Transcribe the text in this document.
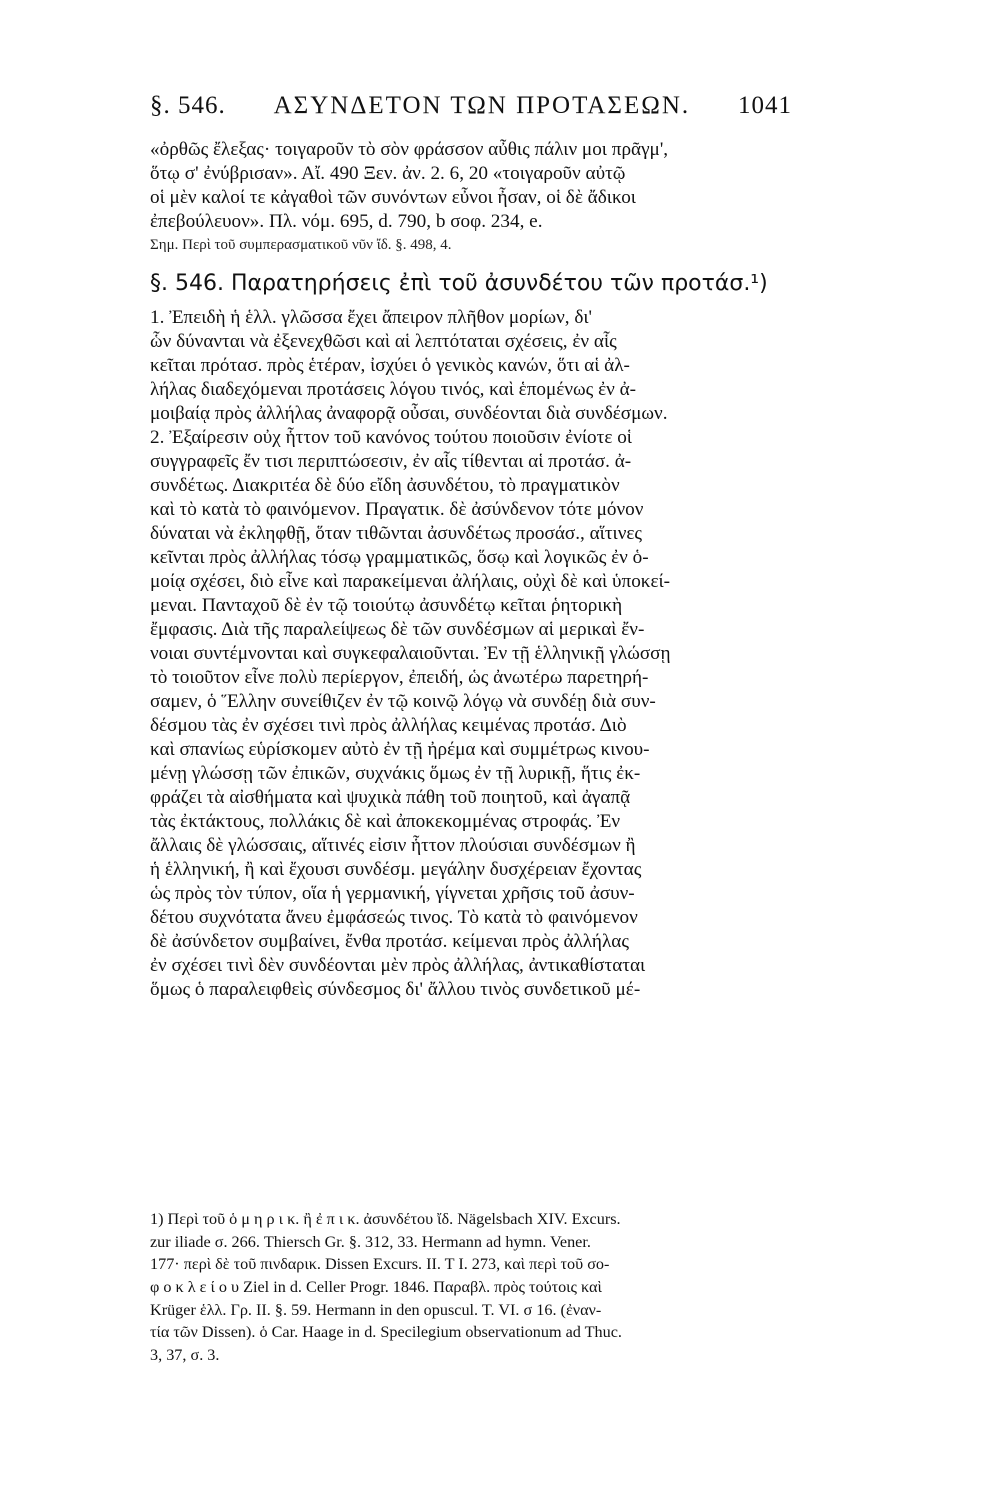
§. 546. ΑΣΥΝΔΕΤΟΝ ΤΩΝ ΠΡΟΤΑΣΕΩΝ. 1041
«ὀρθῶς ἔλεξας· τοιγαροῦν τὸ σὸν φράσσον αὖθις πάλιν μοι πρᾶγμ',
ὅτῳ σ' ἐνύβρισαν». Αἴ. 490 Ξεν. ἀν. 2. 6, 20 «τοιγαροῦν αὐτῷ
οἱ μὲν καλοί τε κἀγαθοὶ τῶν συνόντων εὖνοι ἦσαν, οἱ δὲ ἄδικοι
ἐπεβούλευον». Πλ. νόμ. 695, d. 790, b σοφ. 234, e.
Σημ. Περὶ τοῦ συμπερασματικοῦ νῦν ἴδ. §. 498, 4.
§. 546. Παρατηρήσεις ἐπὶ τοῦ ἀσυνδέτου τῶν προτάσ.¹)
1. Ἐπειδὴ ἡ ἑλλ. γλῶσσα ἔχει ἄπειρον πλῆθον μορίων, δι'
ὧν δύνανται νὰ ἐξενεχθῶσι καὶ αἱ λεπτόταται σχέσεις, ἐν αἷς
κεῖται πρότασ. πρὸς ἑτέραν, ἰσχύει ὁ γενικὸς κανών, ὅτι αἱ ἀλ-
λήλας διαδεχόμεναι προτάσεις λόγου τινός, καὶ ἑπομένως ἐν ἀ-
μοιβαίᾳ πρὸς ἀλλήλας ἀναφορᾷ οὖσαι, συνδέονται διὰ συνδέσμων.
2. Ἐξαίρεσιν οὐχ ἧττον τοῦ κανόνος τούτου ποιοῦσιν ἐνίοτε οἱ
συγγραφεῖς ἔν τισι περιπτώσεσιν, ἐν αἷς τίθενται αἱ προτάσ. ἀ-
συνδέτως. Διακριτέα δὲ δύο εἴδη ἀσυνδέτου, τὸ πραγματικὸν
καὶ τὸ κατὰ τὸ φαινόμενον. Πραγατικ. δὲ ἀσύνδενον τότε μόνον
δύναται νὰ ἐκληφθῇ, ὅταν τιθῶνται ἀσυνδέτως προσάσ., αἵτινες
κεῖνται πρὸς ἀλλήλας τόσῳ γραμματικῶς, ὅσῳ καὶ λογικῶς ἐν ὁ-
μοίᾳ σχέσει, διὸ εἶνε καὶ παρακείμεναι ἀλήλαις, οὐχὶ δὲ καὶ ὑποκεί-
μεναι. Πανταχοῦ δὲ ἐν τῷ τοιούτῳ ἀσυνδέτῳ κεῖται ῥητορικὴ
ἔμφασις. Διὰ τῆς παραλείψεως δὲ τῶν συνδέσμων αἱ μερικαὶ ἔν-
νοιαι συντέμνονται καὶ συγκεφαλαιοῦνται. Ἐν τῇ ἑλληνικῇ γλώσσῃ
τὸ τοιοῦτον εἶνε πολὺ περίεργον, ἐπειδή, ὡς ἀνωτέρω παρετηρή-
σαμεν, ὁ Ἕλλην συνείθιζεν ἐν τῷ κοινῷ λόγῳ νὰ συνδέῃ διὰ συν-
δέσμου τὰς ἐν σχέσει τινὶ πρὸς ἀλλήλας κειμένας προτάσ. Διὸ
καὶ σπανίως εὑρίσκομεν αὐτὸ ἐν τῇ ἠρέμα καὶ συμμέτρως κινου-
μένῃ γλώσσῃ τῶν ἐπικῶν, συχνάκις ὅμως ἐν τῇ λυρικῇ, ἥτις ἐκ-
φράζει τὰ αἰσθήματα καὶ ψυχικὰ πάθη τοῦ ποιητοῦ, καὶ ἀγαπᾷ
τὰς ἐκτάκτους, πολλάκις δὲ καὶ ἀποκεκομμένας στροφάς. Ἐν
ἄλλαις δὲ γλώσσαις, αἵτινές εἰσιν ἧττον πλούσιαι συνδέσμων ἢ
ἡ ἑλληνική, ἢ καὶ ἔχουσι συνδέσμ. μεγάλην δυσχέρειαν ἔχοντας
ὡς πρὸς τὸν τύπον, οἵα ἡ γερμανική, γίγνεται χρῆσις τοῦ ἀσυν-
δέτου συχνότατα ἄνευ ἐμφάσεώς τινος. Τὸ κατὰ τὸ φαινόμενον
δὲ ἀσύνδετον συμβαίνει, ἔνθα προτάσ. κείμεναι πρὸς ἀλλήλας
ἐν σχέσει τινὶ δὲν συνδέονται μὲν πρὸς ἀλλήλας, ἀντικαθίσταται
ὅμως ὁ παραλειφθεὶς σύνδεσμος δι' ἄλλου τινὸς συνδετικοῦ μέ-
1) Περὶ τοῦ ὁ μ η ρ ι κ. ἢ ἐ π ι κ. ἀσυνδέτου ἴδ. Nägelsbach XIV. Excurs.
zur iliade σ. 266. Thiersch Gr. §. 312, 33. Hermann ad hymn. Vener.
177· περὶ δὲ τοῦ πινδαρικ. Dissen Excurs. II. T I. 273, καὶ περὶ τοῦ σο-
φ ο κ λ ε ί ο υ Ziel in d. Celler Progr. 1846. Παραβλ. πρὸς τούτοις καὶ
Krüger ἑλλ. Γρ. II. §. 59. Hermann in den opuscul. T. VI. σ 16. (ἐναν-
τία τῶν Dissen). ὁ Car. Haage in d. Specilegium observationum ad Thuc.
3, 37, σ. 3.
